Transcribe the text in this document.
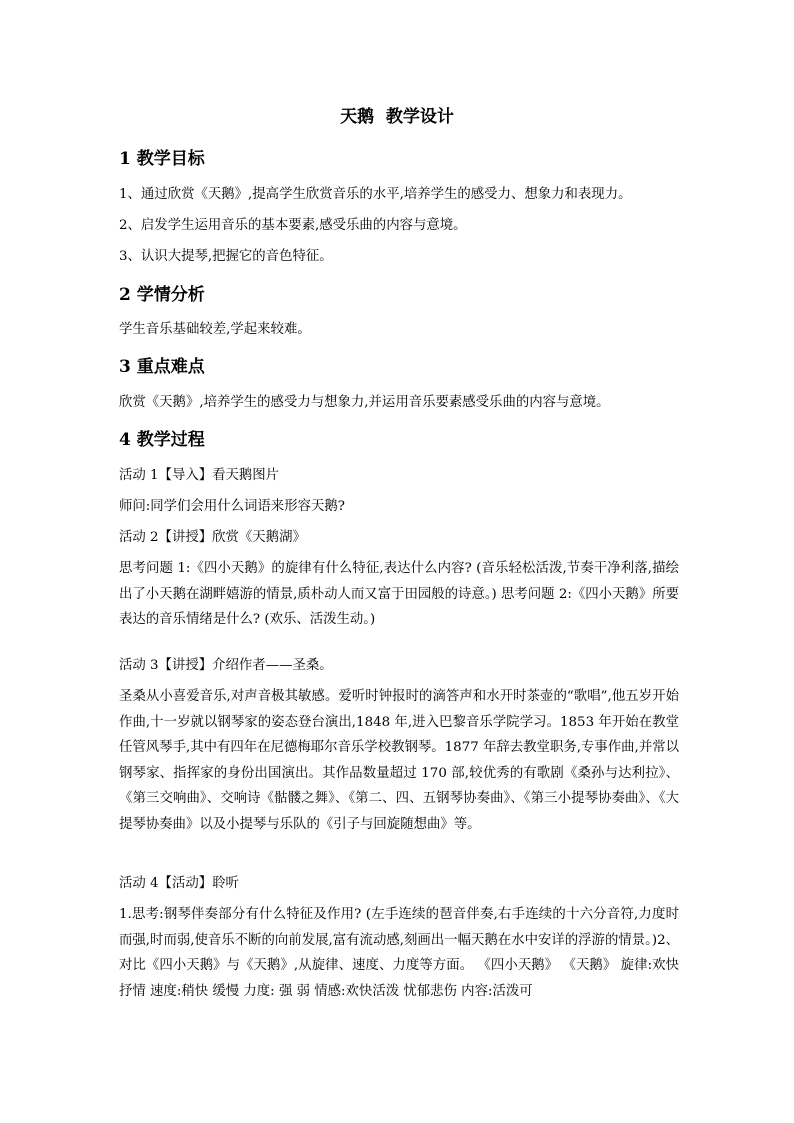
天鹅  教学设计
1 教学目标
1、通过欣赏《天鹅》,提高学生欣赏音乐的水平,培养学生的感受力、想象力和表现力。
2、启发学生运用音乐的基本要素,感受乐曲的内容与意境。
3、认识大提琴,把握它的音色特征。
2 学情分析
学生音乐基础较差,学起来较难。
3 重点难点
欣赏《天鹅》,培养学生的感受力与想象力,并运用音乐要素感受乐曲的内容与意境。
4 教学过程
活动 1【导入】看天鹅图片
师问:同学们会用什么词语来形容天鹅?
活动 2【讲授】欣赏《天鹅湖》
思考问题 1:《四小天鹅》的旋律有什么特征,表达什么内容? (音乐轻松活泼,节奏干净利落,描绘出了小天鹅在湖畔嬉游的情景,质朴动人而又富于田园般的诗意。) 思考问题 2:《四小天鹅》所要表达的音乐情绪是什么? (欢乐、活泼生动。)
活动 3【讲授】介绍作者——圣桑。
圣桑从小喜爱音乐,对声音极其敏感。爱听时钟报时的滴答声和水开时茶壶的“歌唱”,他五岁开始作曲,十一岁就以钢琴家的姿态登台演出,1848 年,进入巴黎音乐学院学习。1853 年开始在教堂任管风琴手,其中有四年在尼德梅耶尔音乐学校教钢琴。1877 年辞去教堂职务,专事作曲,并常以钢琴家、指挥家的身份出国演出。其作品数量超过 170 部,较优秀的有歌剧《桑孙与达利拉》、《第三交响曲》、交响诗《骷髅之舞》、《第二、四、五钢琴协奏曲》、《第三小提琴协奏曲》、《大提琴协奏曲》以及小提琴与乐队的《引子与回旋随想曲》等。
活动 4【活动】聆听
1.思考:钢琴伴奏部分有什么特征及作用? (左手连续的琶音伴奏,右手连续的十六分音符,力度时而强,时而弱,使音乐不断的向前发展,富有流动感,刻画出一幅天鹅在水中安详的浮游的情景。)2、对比《四小天鹅》与《天鹅》,从旋律、速度、力度等方面。 《四小天鹅》 《天鹅》 旋律:欢快 抒情 速度:稍快 缓慢 力度: 强 弱 情感:欢快活泼 忧郁悲伤 内容:活泼可
